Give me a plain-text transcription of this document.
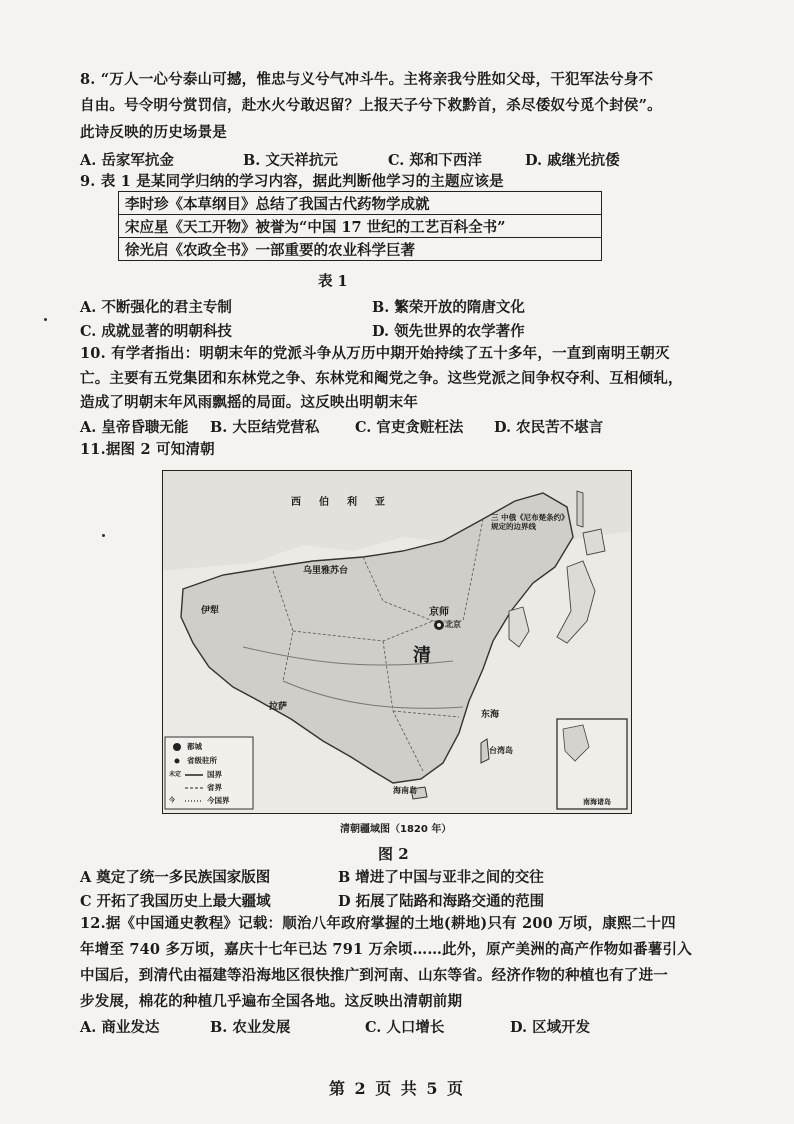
8. “万人一心兮泰山可撼，惟忠与义兮气冲斗牛。主将亲我兮胜如父母，干犯军法兮身不
自由。号令明兮赏罚信，赴水火兮敢迟留？上报天子兮下救黔首，杀尽倭奴兮觅个封侯”。
此诗反映的历史场景是
A. 岳家军抗金	B. 文天祥抗元	C. 郑和下西洋	D. 戚继光抗倭
9. 表 1 是某同学归纳的学习内容，据此判断他学习的主题应该是
李时珍《本草纲目》总结了我国古代药物学成就
宋应星《天工开物》被誉为“中国 17 世纪的工艺百科全书”
徐光启《农政全书》一部重要的农业科学巨著
表 1
A. 不断强化的君主专制	B. 繁荣开放的隋唐文化
C. 成就显著的明朝科技	D. 领先世界的农学著作
10. 有学者指出：明朝末年的党派斗争从万历中期开始持续了五十多年，一直到南明王朝灭
亡。主要有五党集团和东林党之争、东林党和阉党之争。这些党派之间争权夺利、互相倾轧，
造成了明朝末年风雨飘摇的局面。这反映出明朝末年
A. 皇帝昏聩无能 B. 大臣结党营私 C. 官吏贪赃枉法 D. 农民苦不堪言
11.据图 2 可知清朝
西　伯　利　亚
三 中俄《尼布楚条约》规定的边界线
乌里雅苏台
伊犁
清
京师
北京
拉萨
台湾岛
东海
海南岛
南海诸岛
都城
省级驻所
未定	国界
省界
今	今国界
清朝疆域图（1820 年）
图 2
A 奠定了统一多民族国家版图	B 增进了中国与亚非之间的交往
C 开拓了我国历史上最大疆域	D 拓展了陆路和海路交通的范围
12.据《中国通史教程》记载：顺治八年政府掌握的土地(耕地)只有 200 万顷，康熙二十四
年增至 740 多万顷，嘉庆十七年已达 791 万余顷……此外，原产美洲的高产作物如番薯引入
中国后，到清代由福建等沿海地区很快推广到河南、山东等省。经济作物的种植也有了进一
步发展，棉花的种植几乎遍布全国各地。这反映出清朝前期
A. 商业发达	B. 农业发展	C. 人口增长	D. 区域开发
第 2 页 共 5 页
